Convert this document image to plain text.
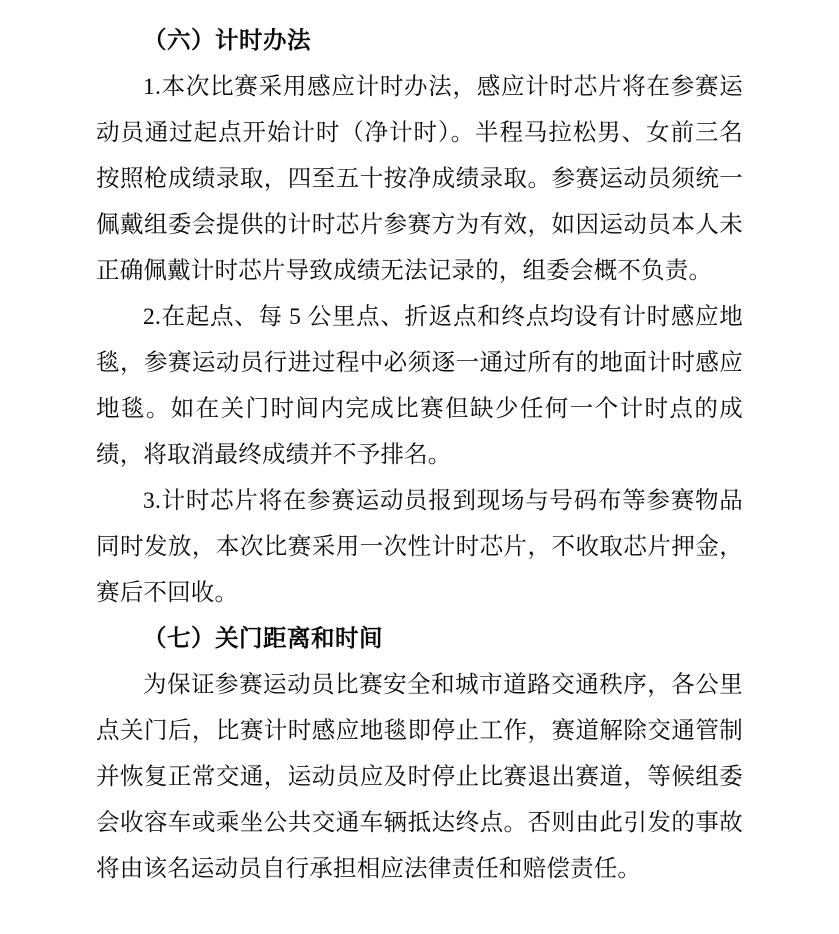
（六）计时办法
1.本次比赛采用感应计时办法，感应计时芯片将在参赛运动员通过起点开始计时（净计时）。半程马拉松男、女前三名按照枪成绩录取，四至五十按净成绩录取。参赛运动员须统一佩戴组委会提供的计时芯片参赛方为有效，如因运动员本人未正确佩戴计时芯片导致成绩无法记录的，组委会概不负责。
2.在起点、每 5 公里点、折返点和终点均设有计时感应地毯，参赛运动员行进过程中必须逐一通过所有的地面计时感应地毯。如在关门时间内完成比赛但缺少任何一个计时点的成绩，将取消最终成绩并不予排名。
3.计时芯片将在参赛运动员报到现场与号码布等参赛物品同时发放，本次比赛采用一次性计时芯片，不收取芯片押金，赛后不回收。
（七）关门距离和时间
为保证参赛运动员比赛安全和城市道路交通秩序，各公里点关门后，比赛计时感应地毯即停止工作，赛道解除交通管制并恢复正常交通，运动员应及时停止比赛退出赛道，等候组委会收容车或乘坐公共交通车辆抵达终点。否则由此引发的事故将由该名运动员自行承担相应法律责任和赔偿责任。
